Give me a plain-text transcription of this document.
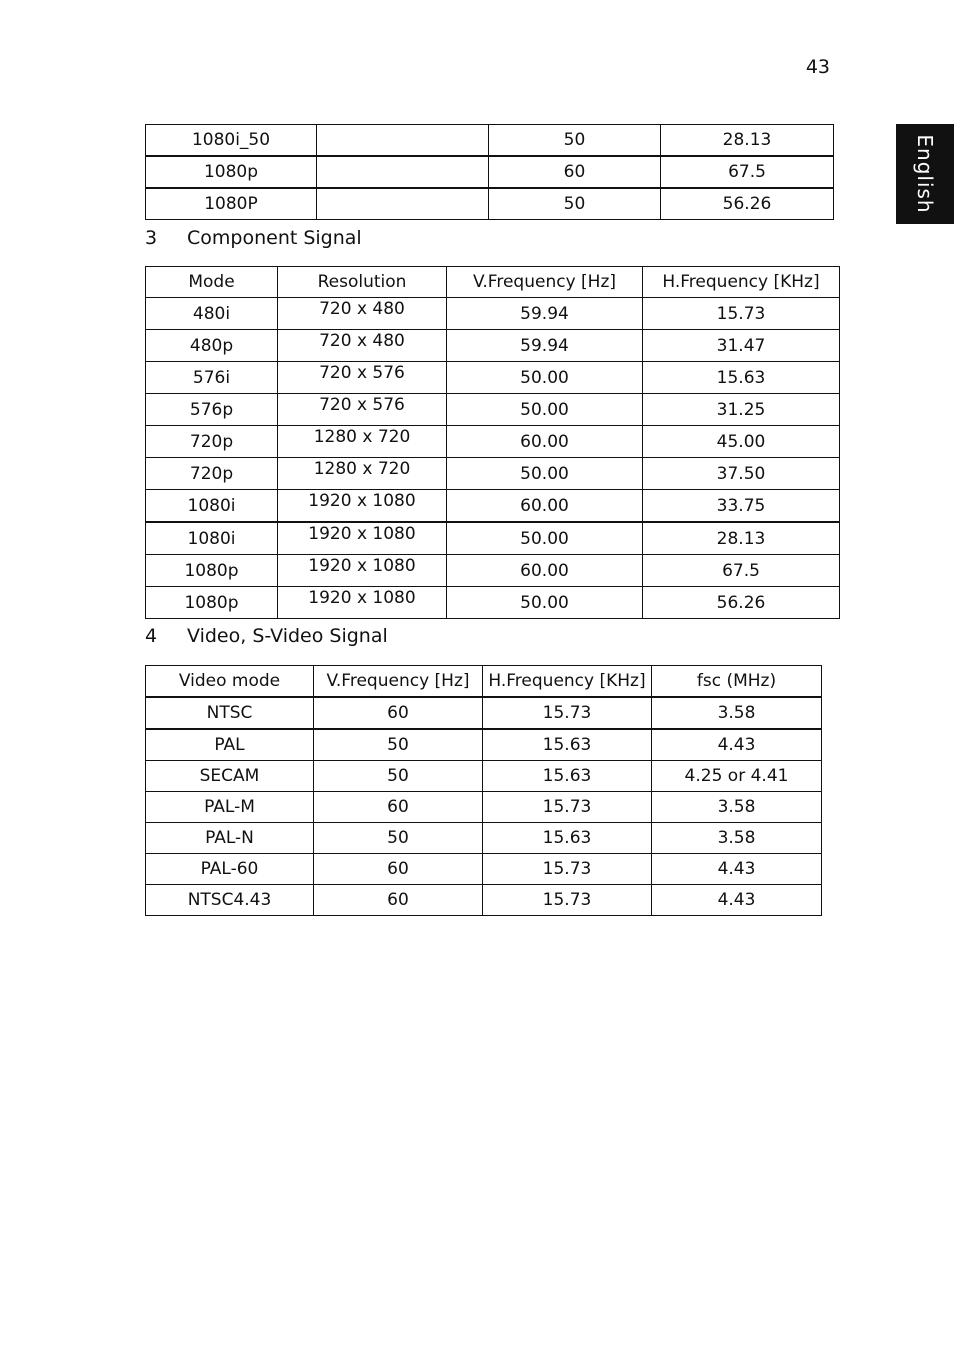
43
English
1080i_50		50	28.13
1080p		60	67.5
1080P		50	56.26
3 Component Signal
Mode	Resolution	V.Frequency [Hz]	H.Frequency [KHz]
480i	720 x 480	59.94	15.73
480p	720 x 480	59.94	31.47
576i	720 x 576	50.00	15.63
576p	720 x 576	50.00	31.25
720p	1280 x 720	60.00	45.00
720p	1280 x 720	50.00	37.50
1080i	1920 x 1080	60.00	33.75
1080i	1920 x 1080	50.00	28.13
1080p	1920 x 1080	60.00	67.5
1080p	1920 x 1080	50.00	56.26
4 Video, S-Video Signal
Video mode	V.Frequency [Hz]	H.Frequency [KHz]	fsc (MHz)
NTSC	60	15.73	3.58
PAL	50	15.63	4.43
SECAM	50	15.63	4.25 or 4.41
PAL-M	60	15.73	3.58
PAL-N	50	15.63	3.58
PAL-60	60	15.73	4.43
NTSC4.43	60	15.73	4.43
